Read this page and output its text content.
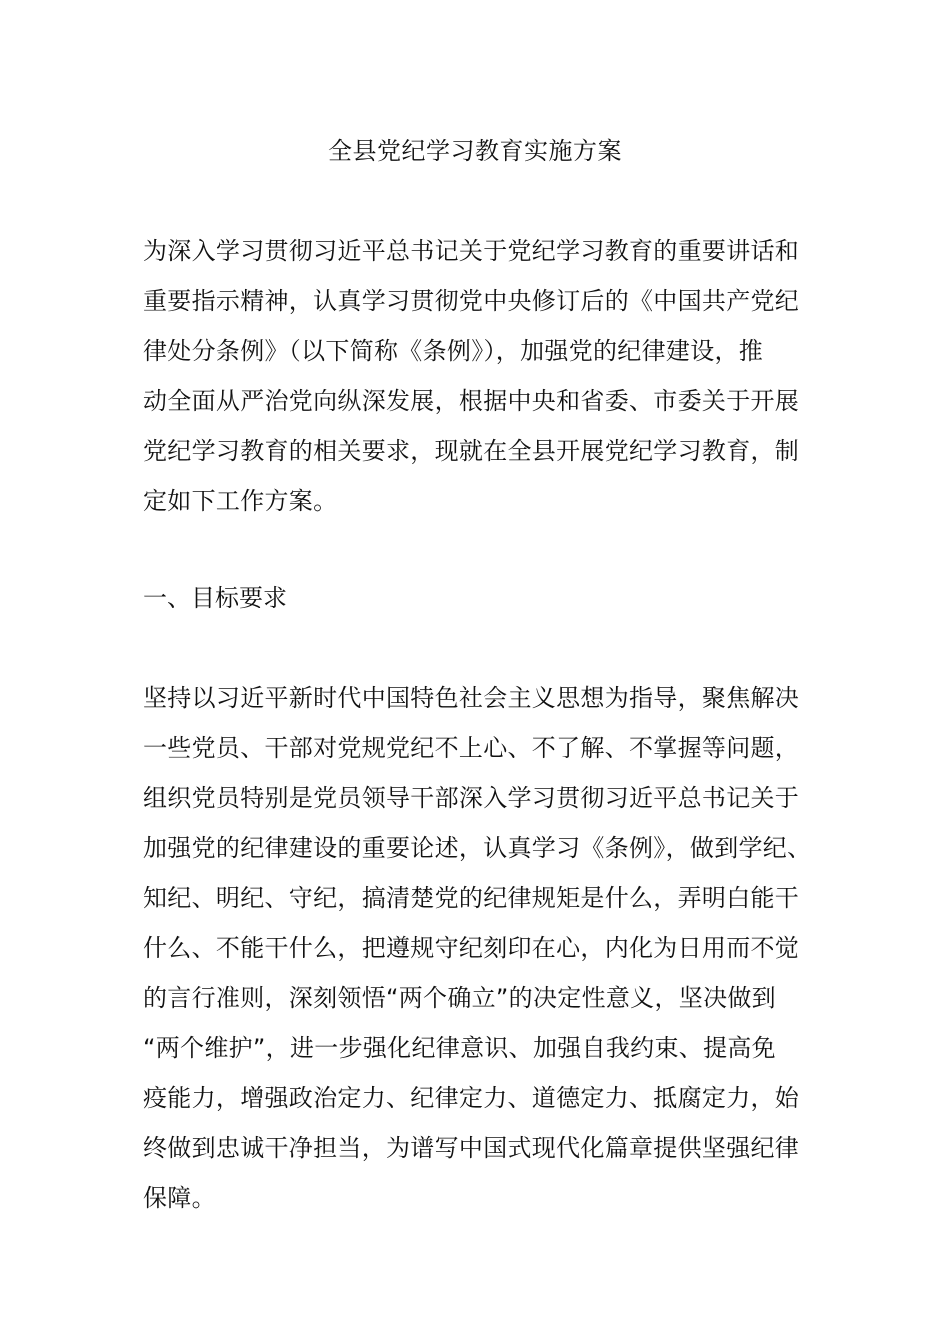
全县党纪学习教育实施方案
为深入学习贯彻习近平总书记关于党纪学习教育的重要讲话和
重要指示精神，认真学习贯彻党中央修订后的《中国共产党纪
律处分条例》（以下简称《条例》），加强党的纪律建设，推
动全面从严治党向纵深发展，根据中央和省委、市委关于开展
党纪学习教育的相关要求，现就在全县开展党纪学习教育，制
定如下工作方案。
一、目标要求
坚持以习近平新时代中国特色社会主义思想为指导，聚焦解决
一些党员、干部对党规党纪不上心、不了解、不掌握等问题，
组织党员特别是党员领导干部深入学习贯彻习近平总书记关于
加强党的纪律建设的重要论述，认真学习《条例》，做到学纪、
知纪、明纪、守纪，搞清楚党的纪律规矩是什么，弄明白能干
什么、不能干什么，把遵规守纪刻印在心，内化为日用而不觉
的言行准则，深刻领悟“两个确立”的决定性意义，坚决做到
“两个维护”，进一步强化纪律意识、加强自我约束、提高免
疫能力，增强政治定力、纪律定力、道德定力、抵腐定力，始
终做到忠诚干净担当，为谱写中国式现代化篇章提供坚强纪律
保障。
